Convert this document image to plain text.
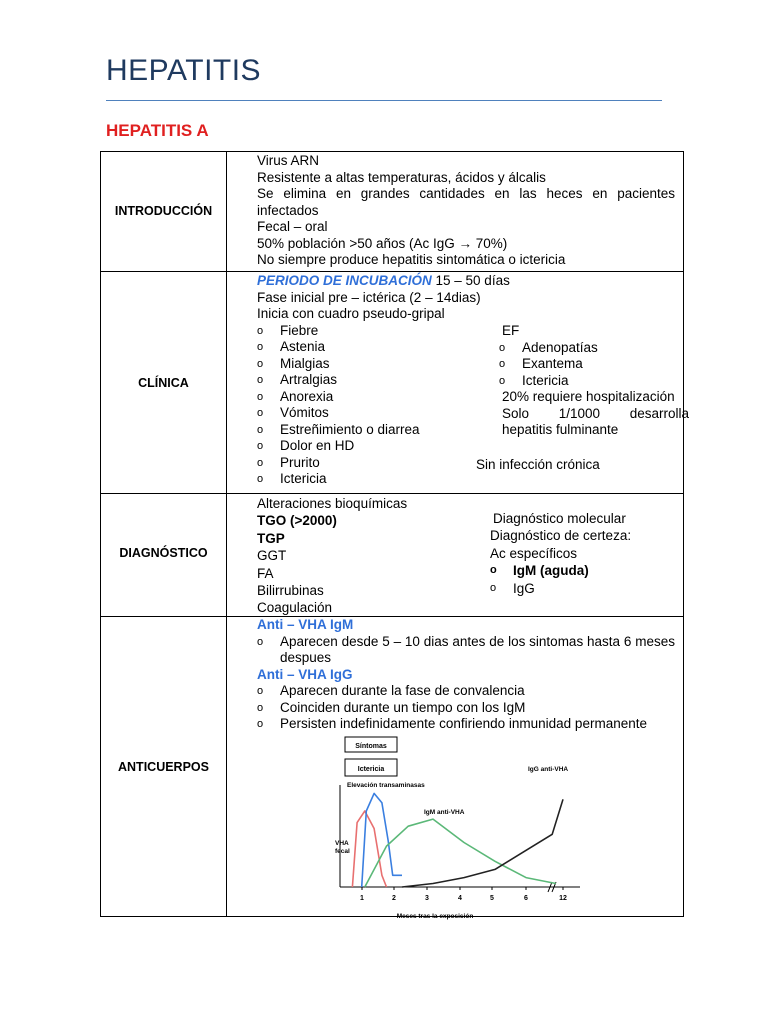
HEPATITIS
HEPATITIS A
INTRODUCCIÓN
Virus ARN
Resistente a altas temperaturas, ácidos y álcalis
Se elimina en grandes cantidades en las heces en pacientes infectados
Fecal – oral
50% población >50 años (Ac IgG → 70%)
No siempre produce hepatitis sintomática o ictericia
CLÍNICA
PERIODO DE INCUBACIÓN 15 – 50 días
Fase inicial pre – ictérica (2 – 14dias)
Inicia con cuadro pseudo-gripal
o Fiebre
o Astenia
o Mialgias
o Artralgias
o Anorexia
o Vómitos
o Estreñimiento o diarrea
o Dolor en HD
o Prurito
o Ictericia
EF
o Adenopatías
o Exantema
o Ictericia
20% requiere hospitalización
Solo 1/1000 desarrolla hepatitis fulminante
Sin infección crónica
DIAGNÓSTICO
Alteraciones bioquímicas
TGO (>2000)
TGP
GGT
FA
Bilirrubinas
Coagulación
Diagnóstico molecular
Diagnóstico de certeza:
Ac específicos
o IgM (aguda)
o IgG
ANTICUERPOS
Anti – VHA IgM
o Aparecen desde 5 – 10 dias antes de los sintomas hasta 6 meses despues
Anti – VHA IgG
o Aparecen durante la fase de convalencia
o Coinciden durante un tiempo con los IgM
o Persisten indefinidamente confiriendo inmunidad permanente
Síntomas
Ictericia
Elevación transaminasas
IgM anti-VHA
IgG anti-VHA
VHA
fecal
1	2	3	4	5	6	12
Meses tras la exposición
